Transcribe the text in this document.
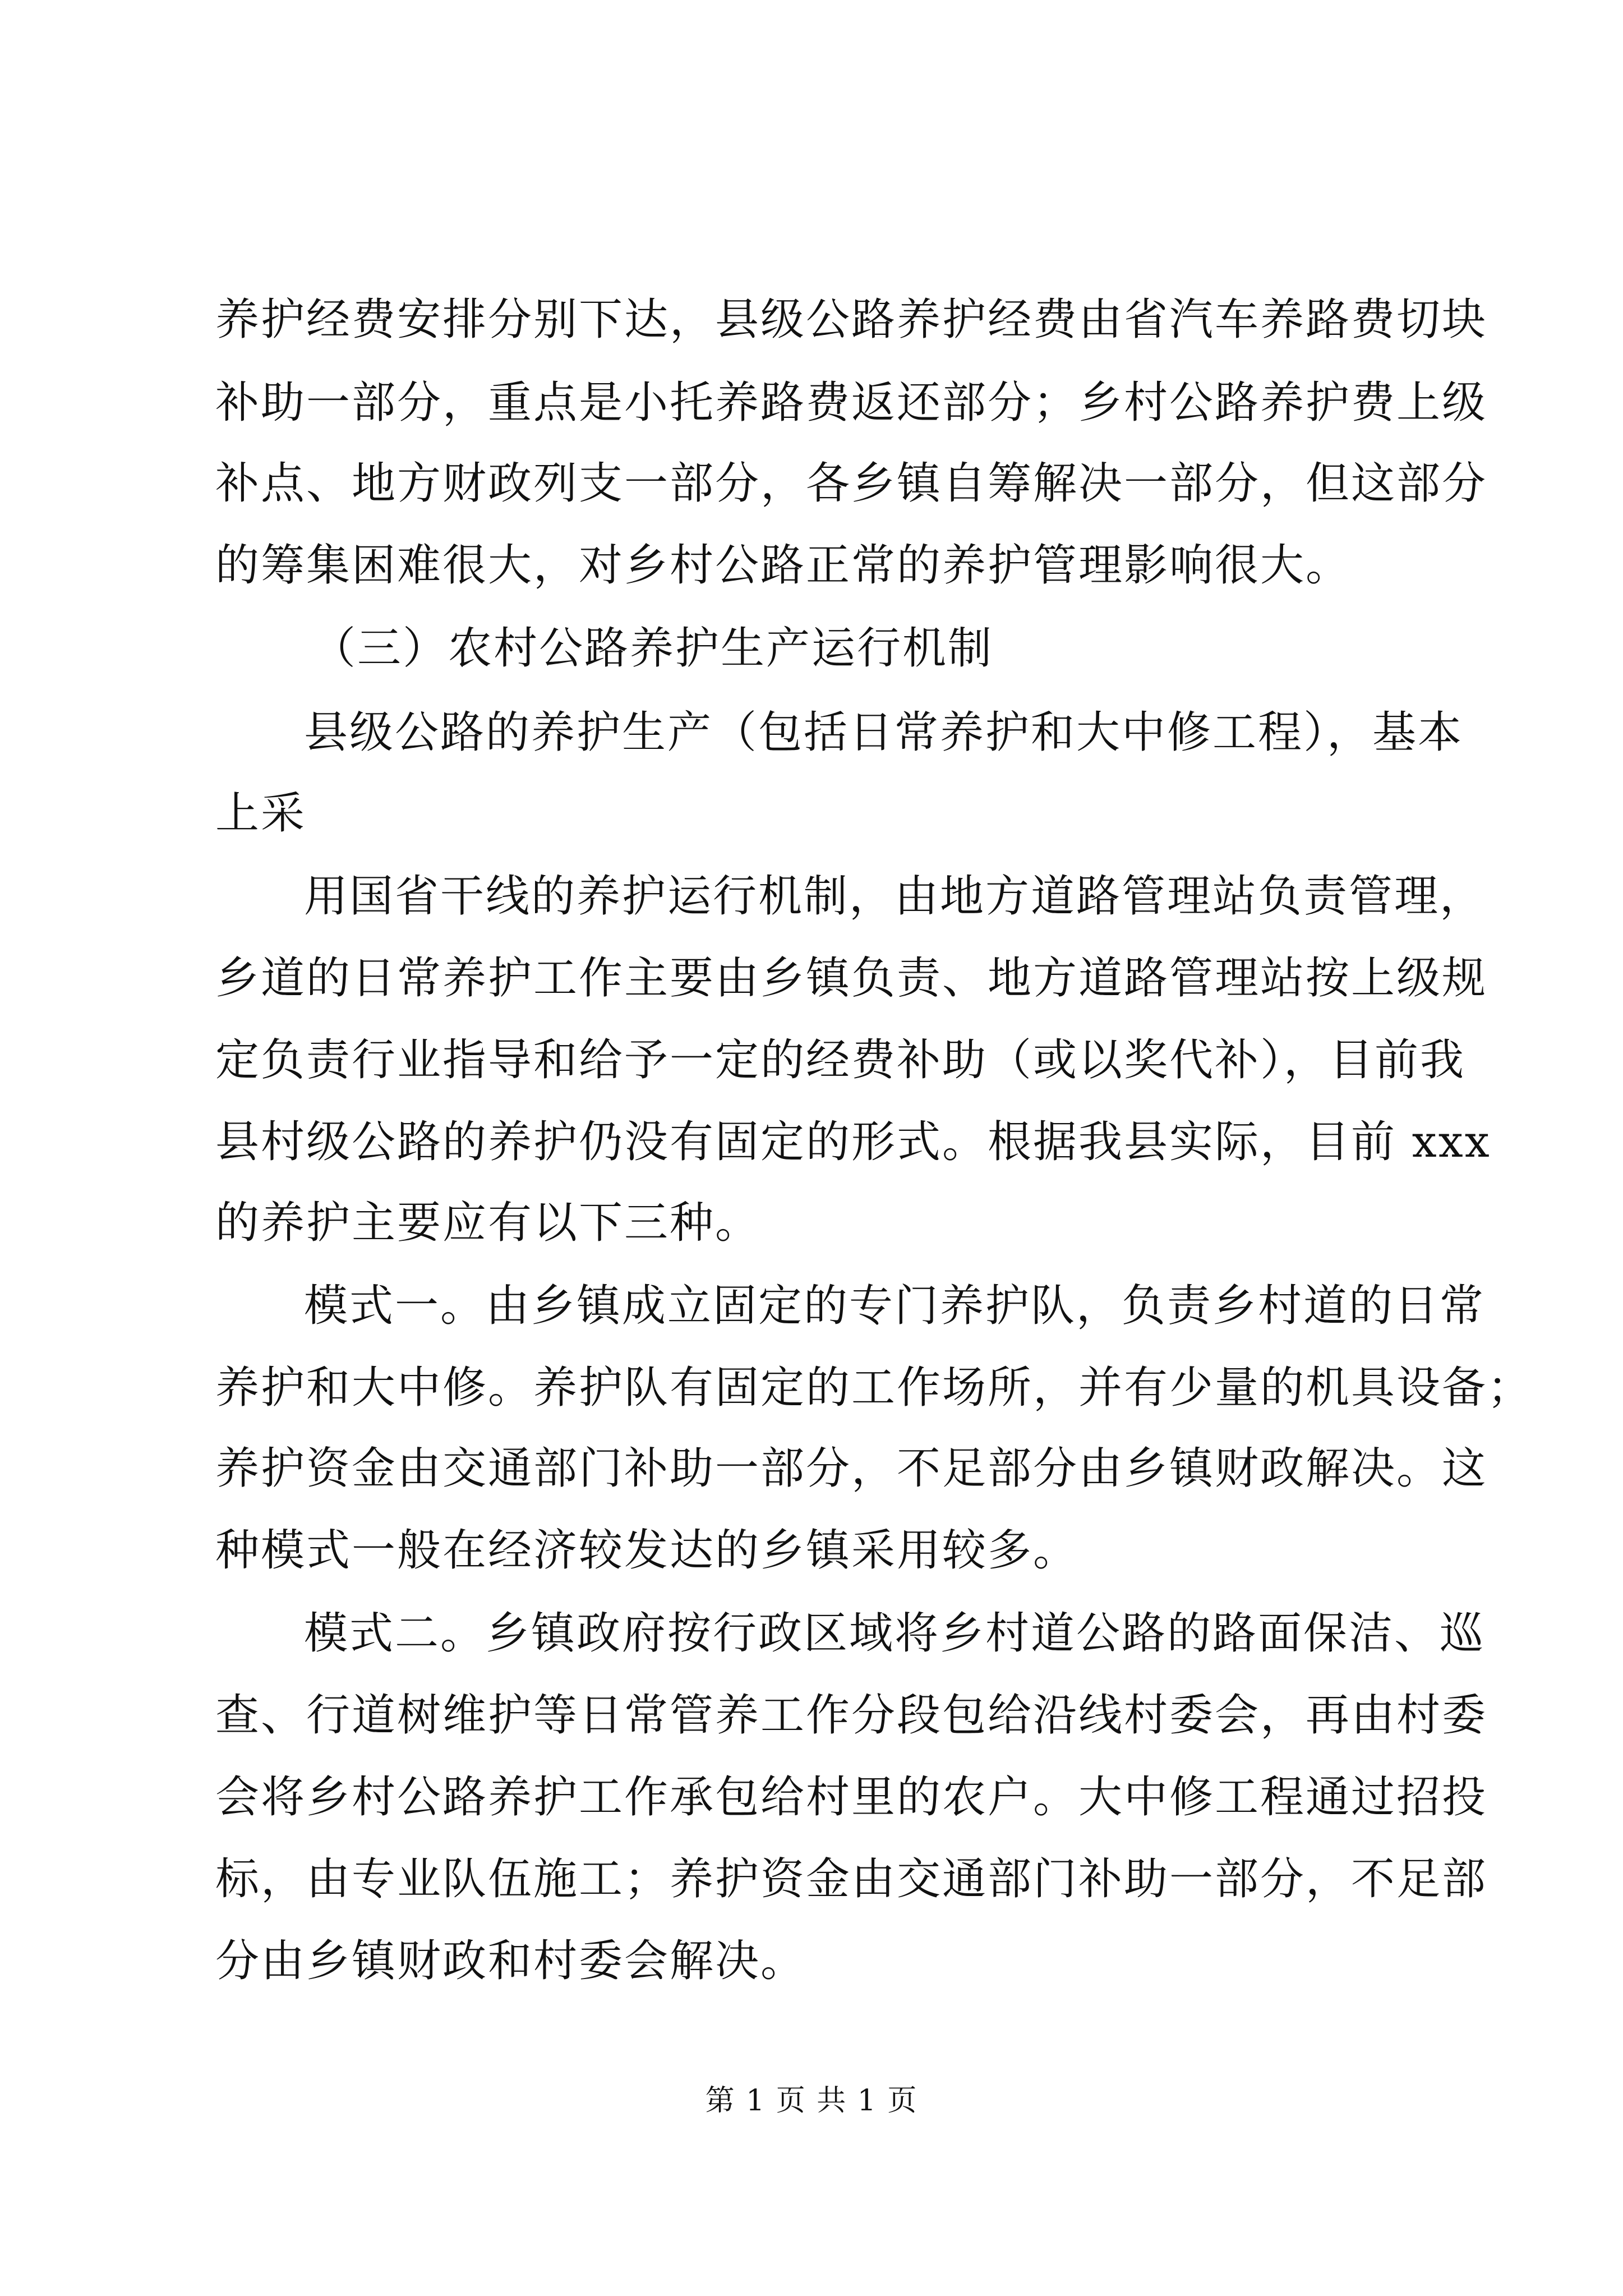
养护经费安排分别下达，县级公路养护经费由省汽车养路费切块
补助一部分，重点是小托养路费返还部分；乡村公路养护费上级
补点、地方财政列支一部分，各乡镇自筹解决一部分，但这部分
的筹集困难很大，对乡村公路正常的养护管理影响很大。
（三）农村公路养护生产运行机制
县级公路的养护生产（包括日常养护和大中修工程），基本
上采
用国省干线的养护运行机制，由地方道路管理站负责管理，
乡道的日常养护工作主要由乡镇负责、地方道路管理站按上级规
定负责行业指导和给予一定的经费补助（或以奖代补），目前我
县村级公路的养护仍没有固定的形式。根据我县实际，目前 xxx
的养护主要应有以下三种。
模式一。由乡镇成立固定的专门养护队，负责乡村道的日常
养护和大中修。养护队有固定的工作场所，并有少量的机具设备；
养护资金由交通部门补助一部分，不足部分由乡镇财政解决。这
种模式一般在经济较发达的乡镇采用较多。
模式二。乡镇政府按行政区域将乡村道公路的路面保洁、巡
查、行道树维护等日常管养工作分段包给沿线村委会，再由村委
会将乡村公路养护工作承包给村里的农户。大中修工程通过招投
标，由专业队伍施工；养护资金由交通部门补助一部分，不足部
分由乡镇财政和村委会解决。
第 1 页 共 1 页
